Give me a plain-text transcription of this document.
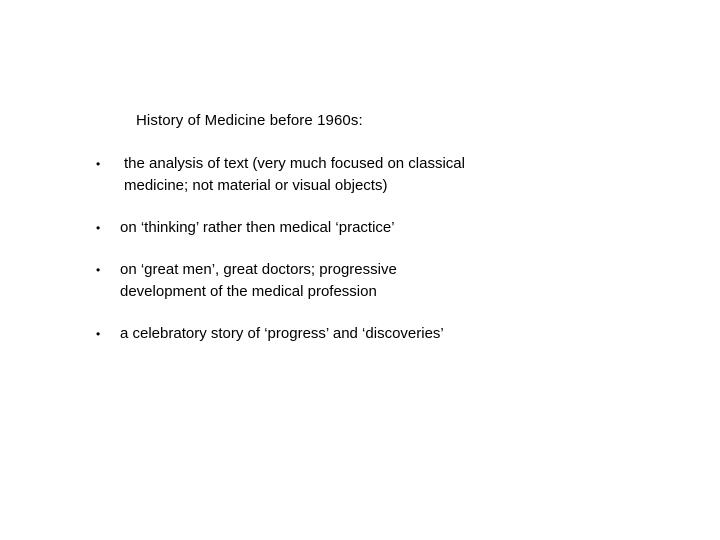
History of Medicine before 1960s:
•	the analysis of text (very much focused on classical medicine; not material or visual objects)
•	on ‘thinking’ rather then medical ‘practice’
•	on ‘great men’, great doctors; progressive development of the medical profession
•	a celebratory story of ‘progress’ and ‘discoveries’
